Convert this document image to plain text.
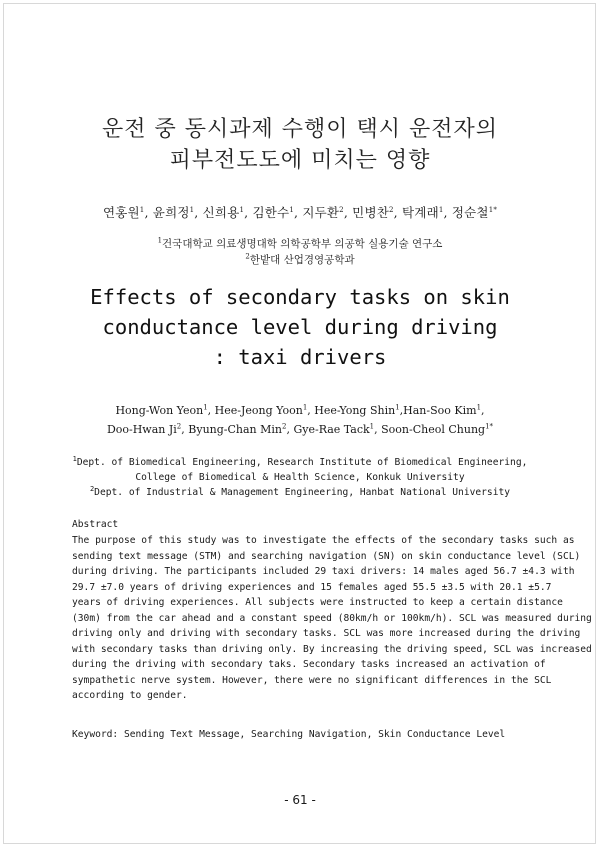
운전 중 동시과제 수행이 택시 운전자의
피부전도도에 미치는 영향
연홍원$^1$, 윤희정$^1$, 신희용$^1$, 김한수$^1$, 지두환$^2$, 민병찬$^2$, 탁계래$^1$, 정순철$^{1*}$
$^1$건국대학교 의료생명대학 의학공학부 의공학 실용기술 연구소
$^2$한밭대 산업경영공학과
Effects of secondary tasks on skin
conductance level during driving
: taxi drivers
Hong-Won Yeon$^1$, Hee-Jeong Yoon$^1$, Hee-Yong Shin$^1$,Han-Soo Kim$^1$,
Doo-Hwan Ji$^2$, Byung-Chan Min$^2$, Gye-Rae Tack$^1$, Soon-Cheol Chung$^{1*}$
$^1$Dept. of Biomedical Engineering, Research Institute of Biomedical Engineering,
College of Biomedical & Health Science, Konkuk University
$^2$Dept. of Industrial & Management Engineering, Hanbat National University
Abstract
The purpose of this study was to investigate the effects of the secondary tasks such as
sending text message (STM) and searching navigation (SN) on skin conductance level (SCL)
during driving. The participants included 29 taxi drivers: 14 males aged 56.7 ±4.3 with
29.7 ±7.0 years of driving experiences and 15 females aged 55.5 ±3.5 with 20.1 ±5.7
years of driving experiences. All subjects were instructed to keep a certain distance
(30m) from the car ahead and a constant speed (80km/h or 100km/h). SCL was measured during
driving only and driving with secondary tasks. SCL was more increased during the driving
with secondary tasks than driving only. By increasing the driving speed, SCL was increased
during the driving with secondary taks. Secondary tasks increased an activation of
sympathetic nerve system. However, there were no significant differences in the SCL
according to gender.
Keyword: Sending Text Message, Searching Navigation, Skin Conductance Level
- 61 -
